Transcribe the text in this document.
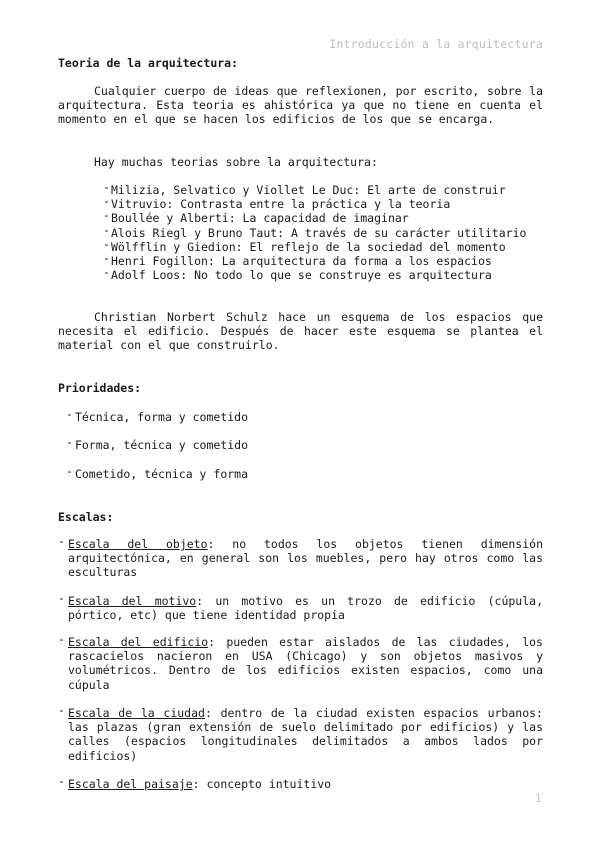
Introducción a la arquitectura
Teoria de la arquitectura:
Cualquier cuerpo de ideas que reflexionen, por escrito, sobre la arquitectura. Esta teoria es ahistórica ya que no tiene en cuenta el momento en el que se hacen los edificios de los que se encarga.
Hay muchas teorias sobre la arquitectura:
- Milizia, Selvatico y Viollet Le Duc: El arte de construir
- Vitruvio: Contrasta entre la práctica y la teoria
- Boullée y Alberti: La capacidad de imaginar
- Alois Riegl y Bruno Taut: A través de su carácter utilitario
- Wölfflin y Giedion: El reflejo de la sociedad del momento
- Henri Fogillon: La arquitectura da forma a los espacios
- Adolf Loos: No todo lo que se construye es arquitectura
Christian Norbert Schulz hace un esquema de los espacios que necesita el edificio. Después de hacer este esquema se plantea el material con el que construirlo.
Prioridades:
- Técnica, forma y cometido
- Forma, técnica y cometido
- Cometido, técnica y forma
Escalas:
- Escala del objeto: no todos los objetos tienen dimensión arquitectónica, en general son los muebles, pero hay otros como las esculturas
- Escala del motivo: un motivo es un trozo de edificio (cúpula, pórtico, etc) que tiene identidad propia
- Escala del edificio: pueden estar aislados de las ciudades, los rascacielos nacieron en USA (Chicago) y son objetos masivos y volumétricos. Dentro de los edificios existen espacios, como una cúpula
- Escala de la ciudad: dentro de la ciudad existen espacios urbanos: las plazas (gran extensión de suelo delimitado por edificios) y las calles (espacios longitudinales delimitados a ambos lados por edificios)
- Escala del paisaje: concepto intuitivo
1
